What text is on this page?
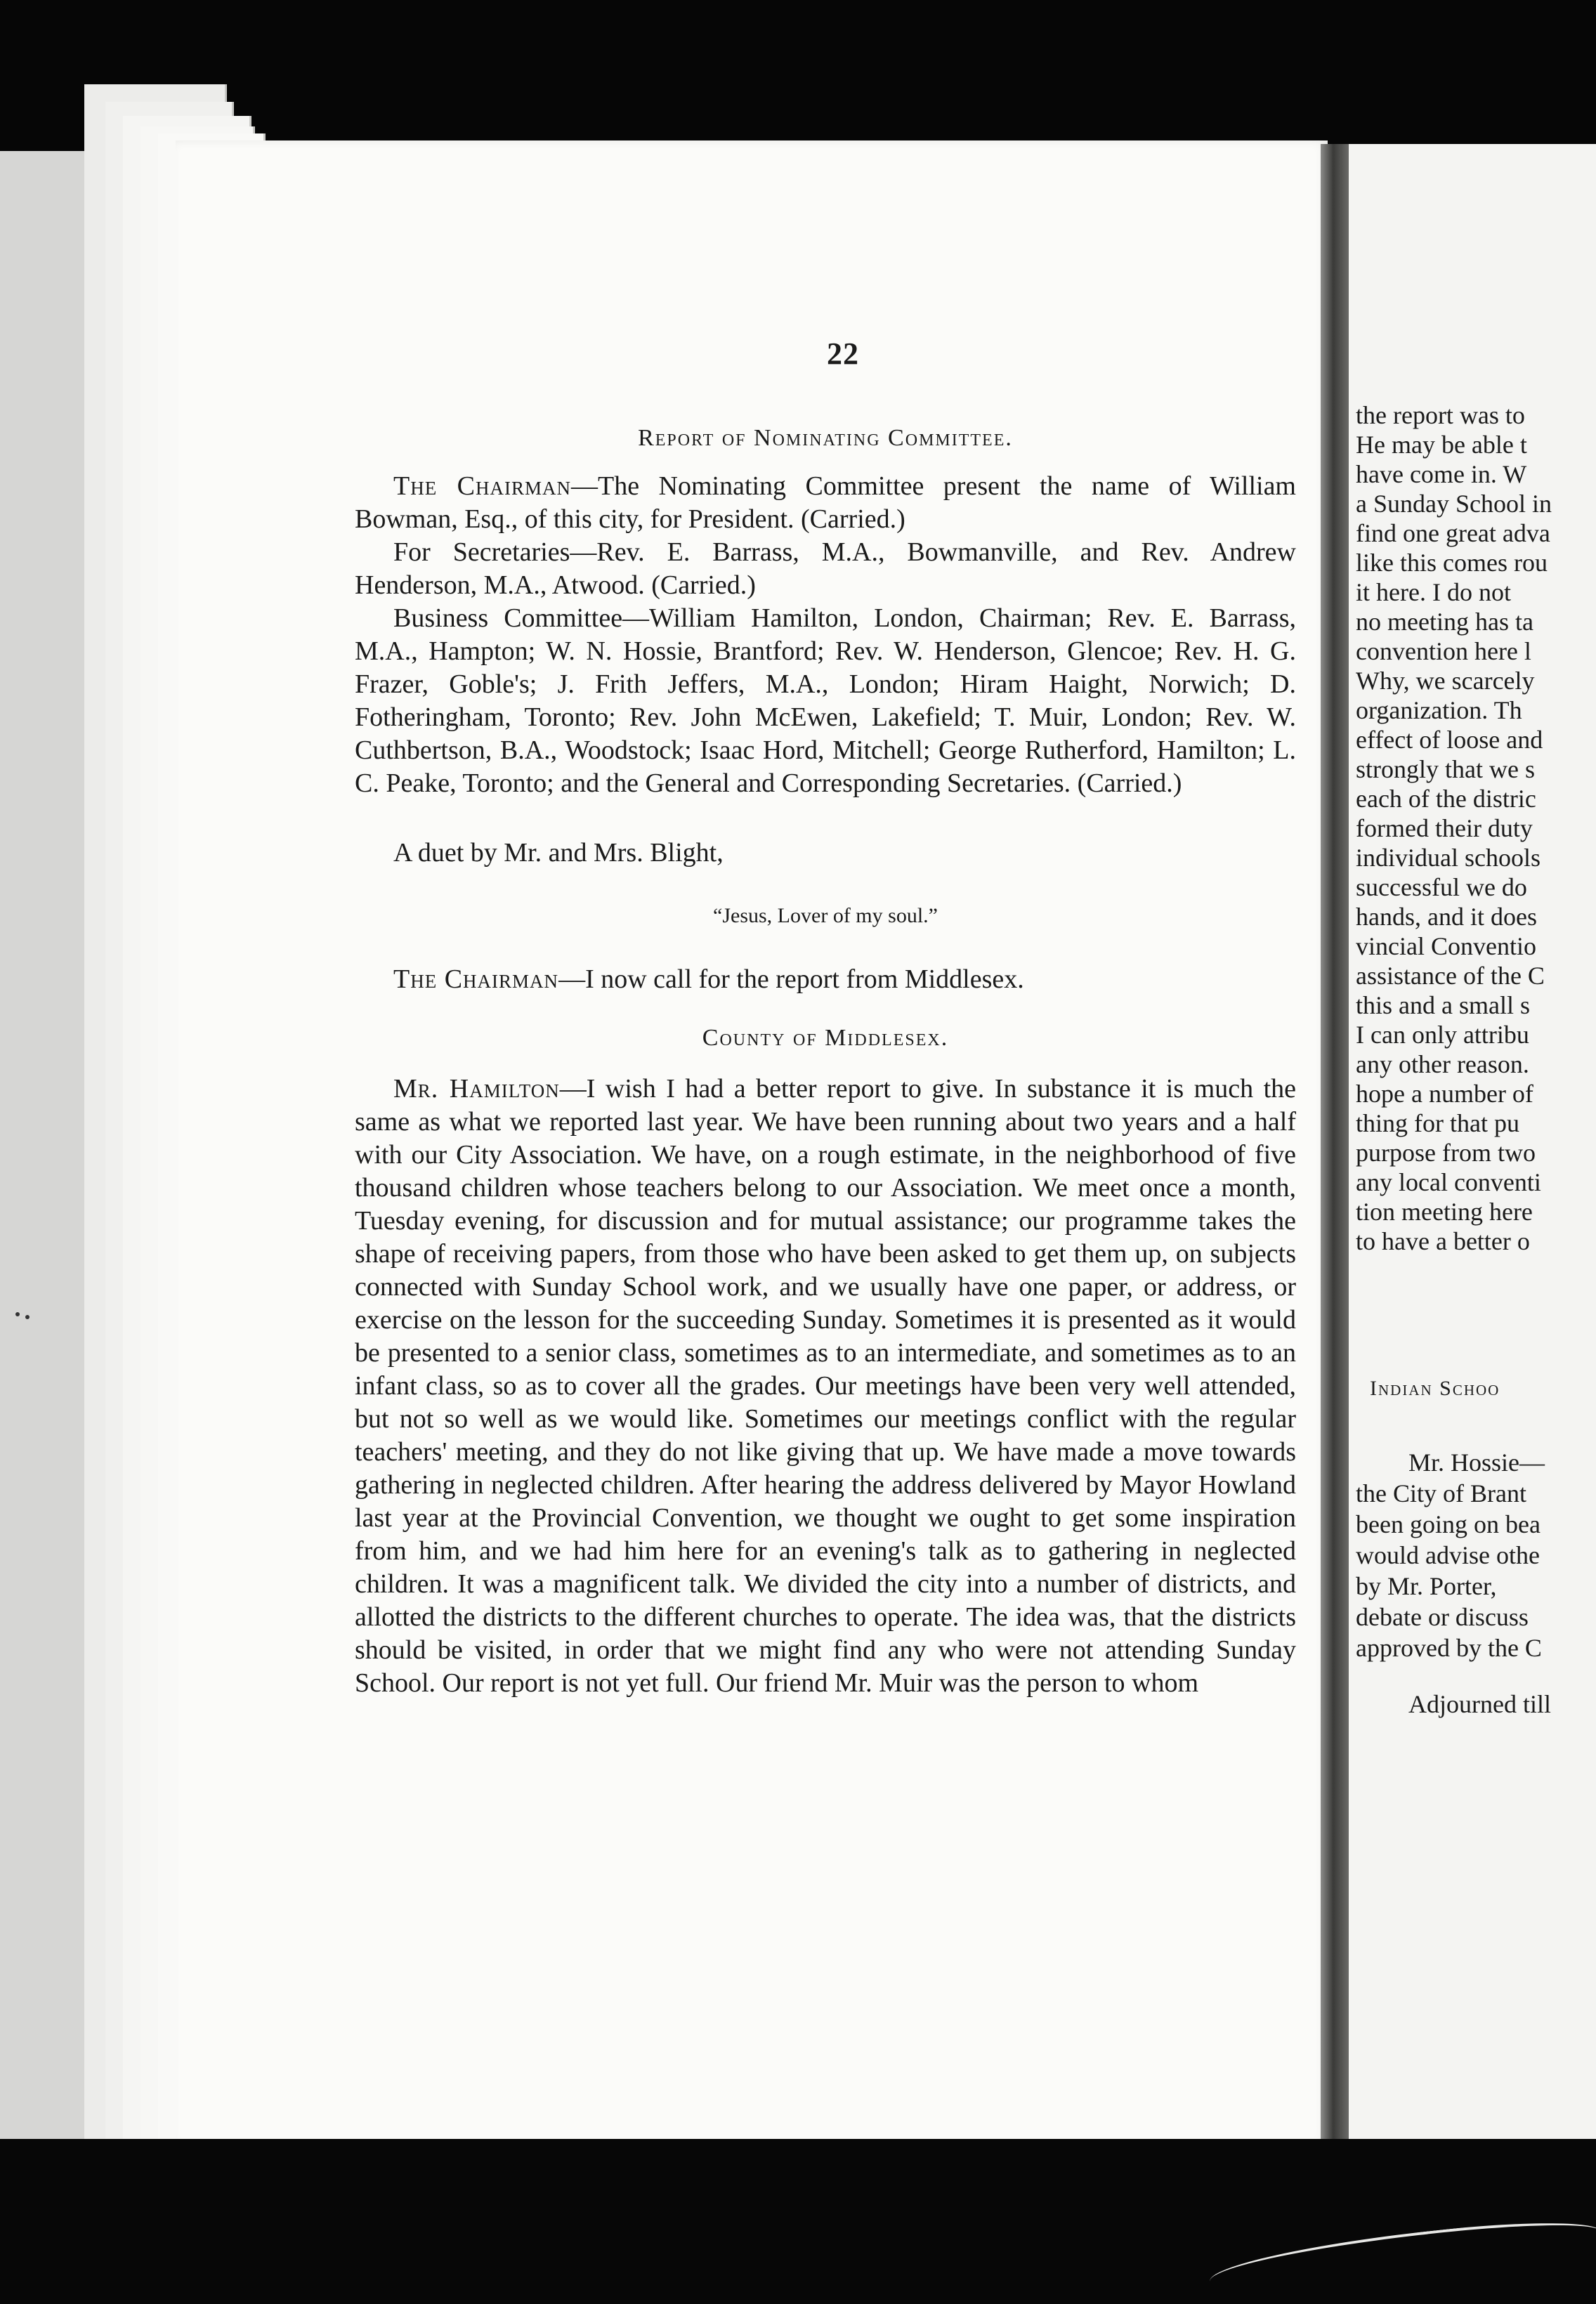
22
Report of Nominating Committee.

The Chairman—The Nominating Committee present the name of William Bowman, Esq., of this city, for President. (Carried.)

For Secretaries—Rev. E. Barrass, M.A., Bowmanville, and Rev. Andrew Henderson, M.A., Atwood. (Carried.)

Business Committee—William Hamilton, London, Chairman; Rev. E. Barrass, M.A., Hampton; W. N. Hossie, Brantford; Rev. W. Henderson, Glencoe; Rev. H. G. Frazer, Goble's; J. Frith Jeffers, M.A., London; Hiram Haight, Norwich; D. Fotheringham, Toronto; Rev. John McEwen, Lakefield; T. Muir, London; Rev. W. Cuthbertson, B.A., Woodstock; Isaac Hord, Mitchell; George Rutherford, Hamilton; L. C. Peake, Toronto; and the General and Corresponding Secretaries. (Carried.)

A duet by Mr. and Mrs. Blight,

“Jesus, Lover of my soul.”

The Chairman—I now call for the report from Middlesex.

County of Middlesex.

Mr. Hamilton—I wish I had a better report to give. In substance it is much the same as what we reported last year. We have been running about two years and a half with our City Association. We have, on a rough estimate, in the neighborhood of five thousand children whose teachers belong to our Association. We meet once a month, Tuesday evening, for discussion and for mutual assistance; our programme takes the shape of receiving papers, from those who have been asked to get them up, on subjects connected with Sunday School work, and we usually have one paper, or address, or exercise on the lesson for the succeeding Sunday. Sometimes it is presented as it would be presented to a senior class, sometimes as to an intermediate, and sometimes as to an infant class, so as to cover all the grades. Our meetings have been very well attended, but not so well as we would like. Sometimes our meetings conflict with the regular teachers' meeting, and they do not like giving that up. We have made a move towards gathering in neglected children. After hearing the address delivered by Mayor Howland last year at the Provincial Convention, we thought we ought to get some inspiration from him, and we had him here for an evening's talk as to gathering in neglected children. It was a magnificent talk. We divided the city into a number of districts, and allotted the districts to the different churches to operate. The idea was, that the districts should be visited, in order that we might find any who were not attending Sunday School. Our report is not yet full. Our friend Mr. Muir was the person to whom

the report was to
He may be able t
have come in. W
a Sunday School in
find one great adva
like this comes rou
it here. I do not
no meeting has ta
convention here l
Why, we scarcely
organization. Th
effect of loose and
strongly that we s
each of the distric
formed their duty
individual schools
successful we do
hands, and it does
vincial Conventio
assistance of the C
this and a small s
I can only attribu
any other reason.
hope a number of
thing for that pu
purpose from two
any local conventi
tion meeting here
to have a better o
Indian Schoo
Mr. Hossie—
the City of Brant
been going on bea
would advise othe
by Mr. Porter,
debate or discuss
approved by the C
Adjourned till
